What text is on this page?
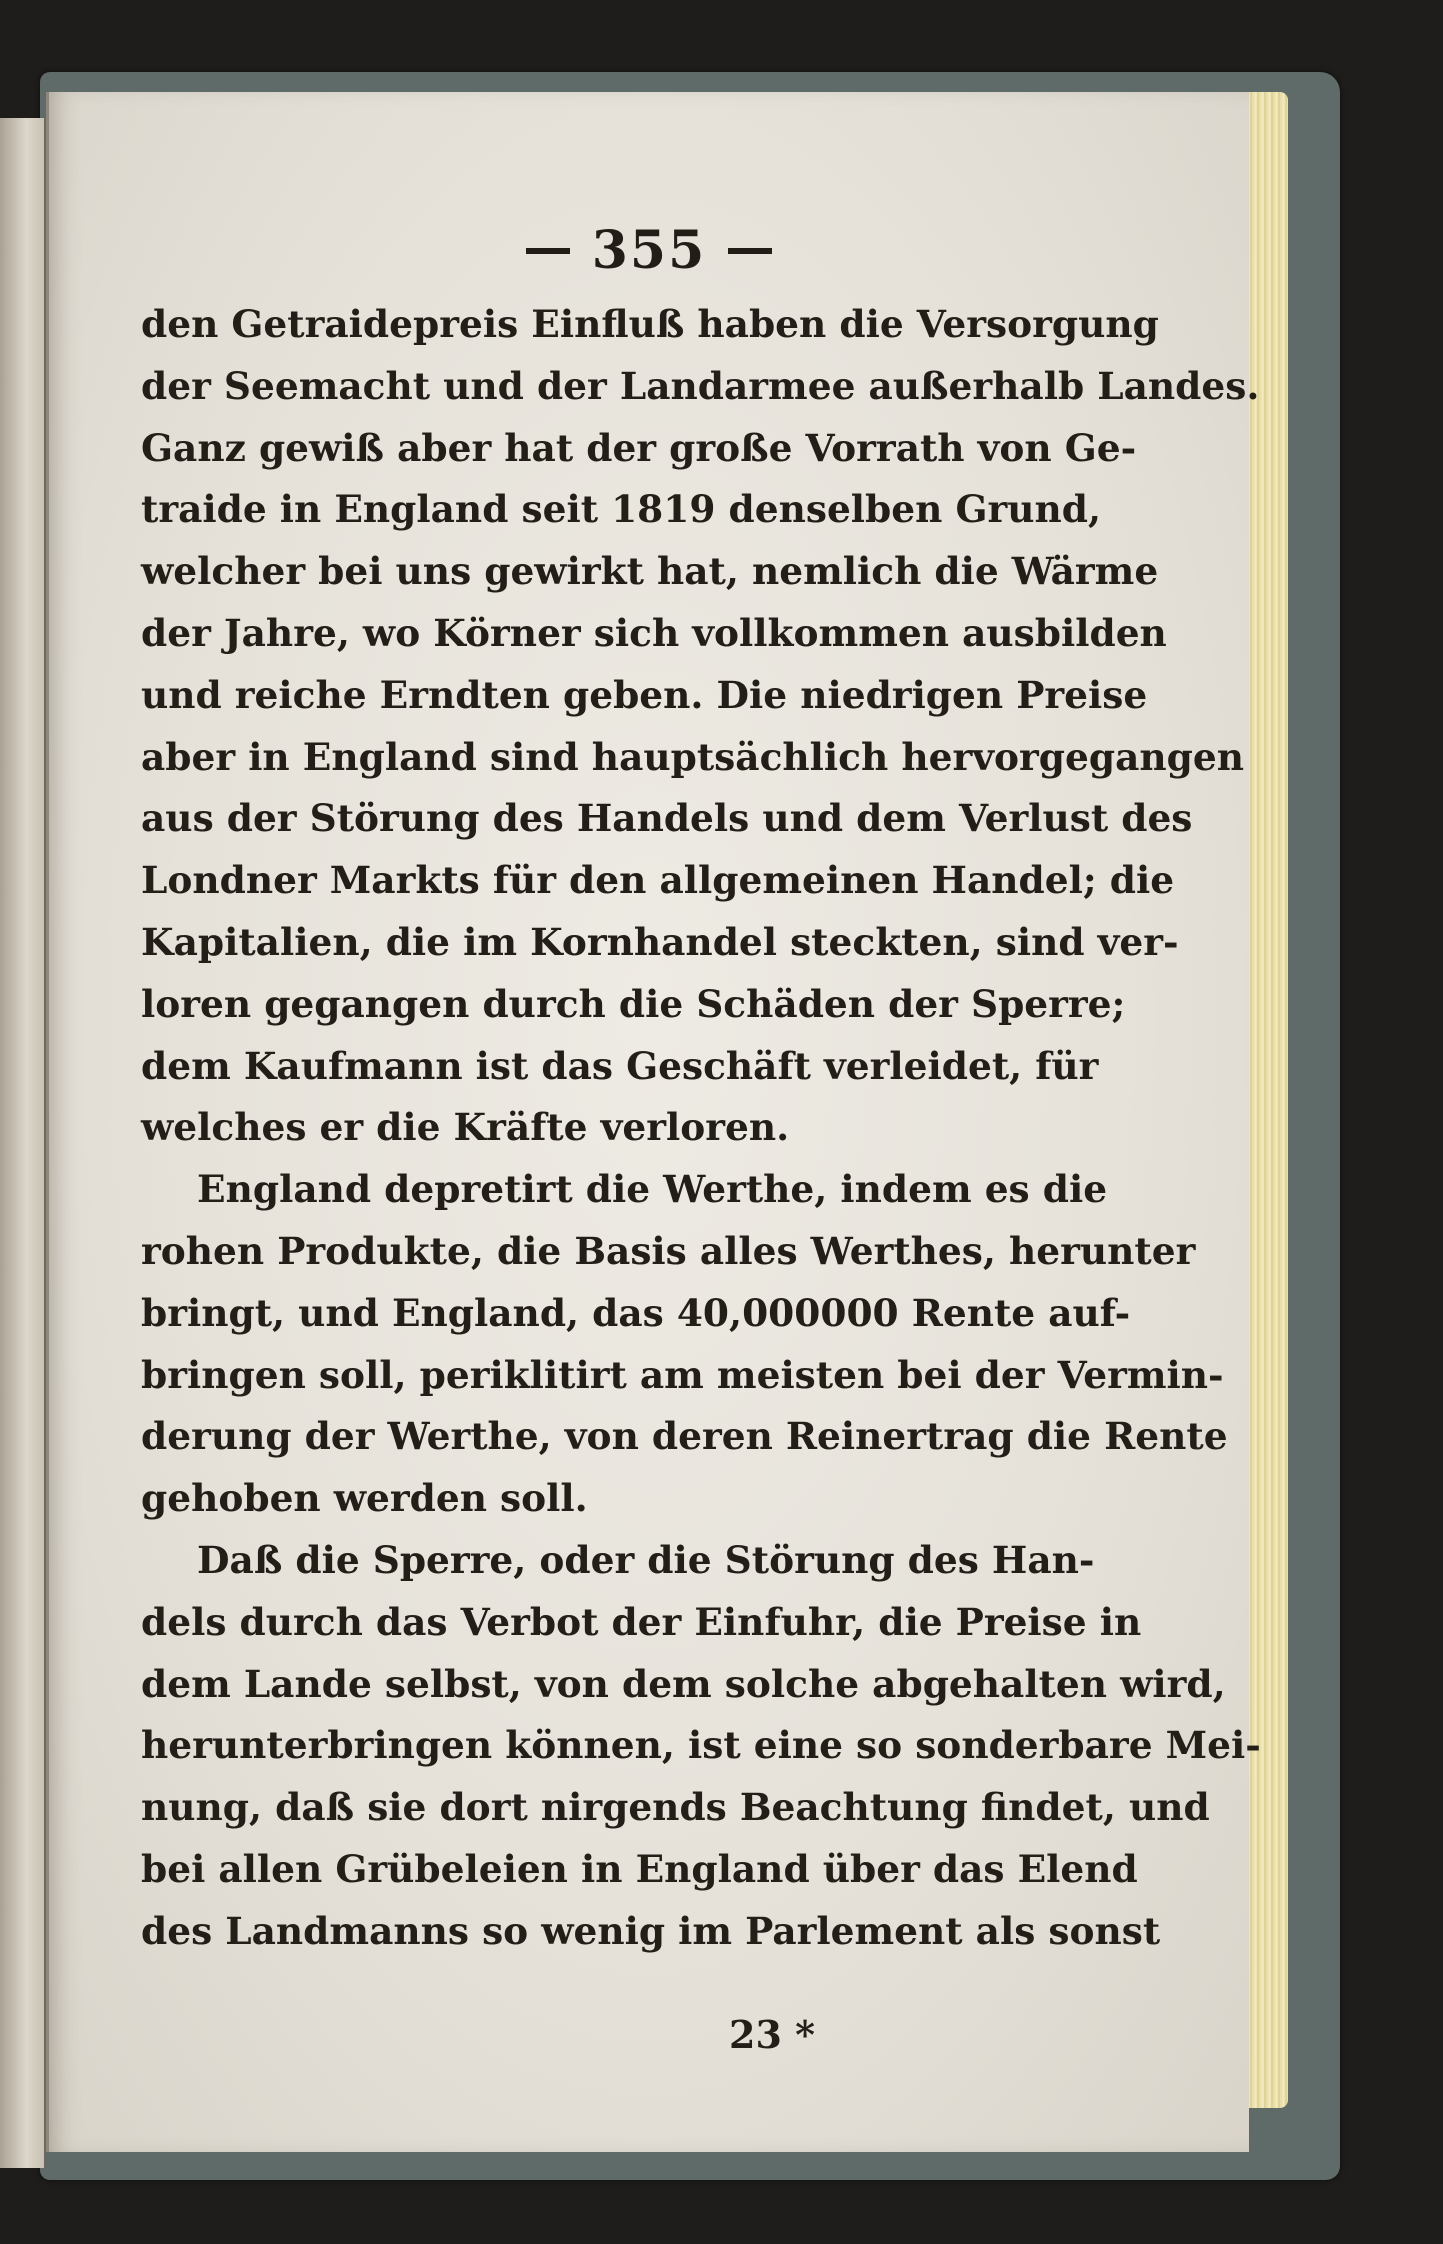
355
den Getraidepreis Einfluß haben die Versorgung
der Seemacht und der Landarmee außerhalb Landes.
Ganz gewiß aber hat der große Vorrath von Ge-
traide in England seit 1819 denselben Grund,
welcher bei uns gewirkt hat, nemlich die Wärme
der Jahre, wo Körner sich vollkommen ausbilden
und reiche Erndten geben. Die niedrigen Preise
aber in England sind hauptsächlich hervorgegangen
aus der Störung des Handels und dem Verlust des
Londner Markts für den allgemeinen Handel; die
Kapitalien, die im Kornhandel steckten, sind ver-
loren gegangen durch die Schäden der Sperre;
dem Kaufmann ist das Geschäft verleidet, für
welches er die Kräfte verloren.
England depretirt die Werthe, indem es die
rohen Produkte, die Basis alles Werthes, herunter
bringt, und England, das 40,000000 Rente auf-
bringen soll, periklitirt am meisten bei der Vermin-
derung der Werthe, von deren Reinertrag die Rente
gehoben werden soll.
Daß die Sperre, oder die Störung des Han-
dels durch das Verbot der Einfuhr, die Preise in
dem Lande selbst, von dem solche abgehalten wird,
herunterbringen können, ist eine so sonderbare Mei-
nung, daß sie dort nirgends Beachtung findet, und
bei allen Grübeleien in England über das Elend
des Landmanns so wenig im Parlement als sonst
23 *
